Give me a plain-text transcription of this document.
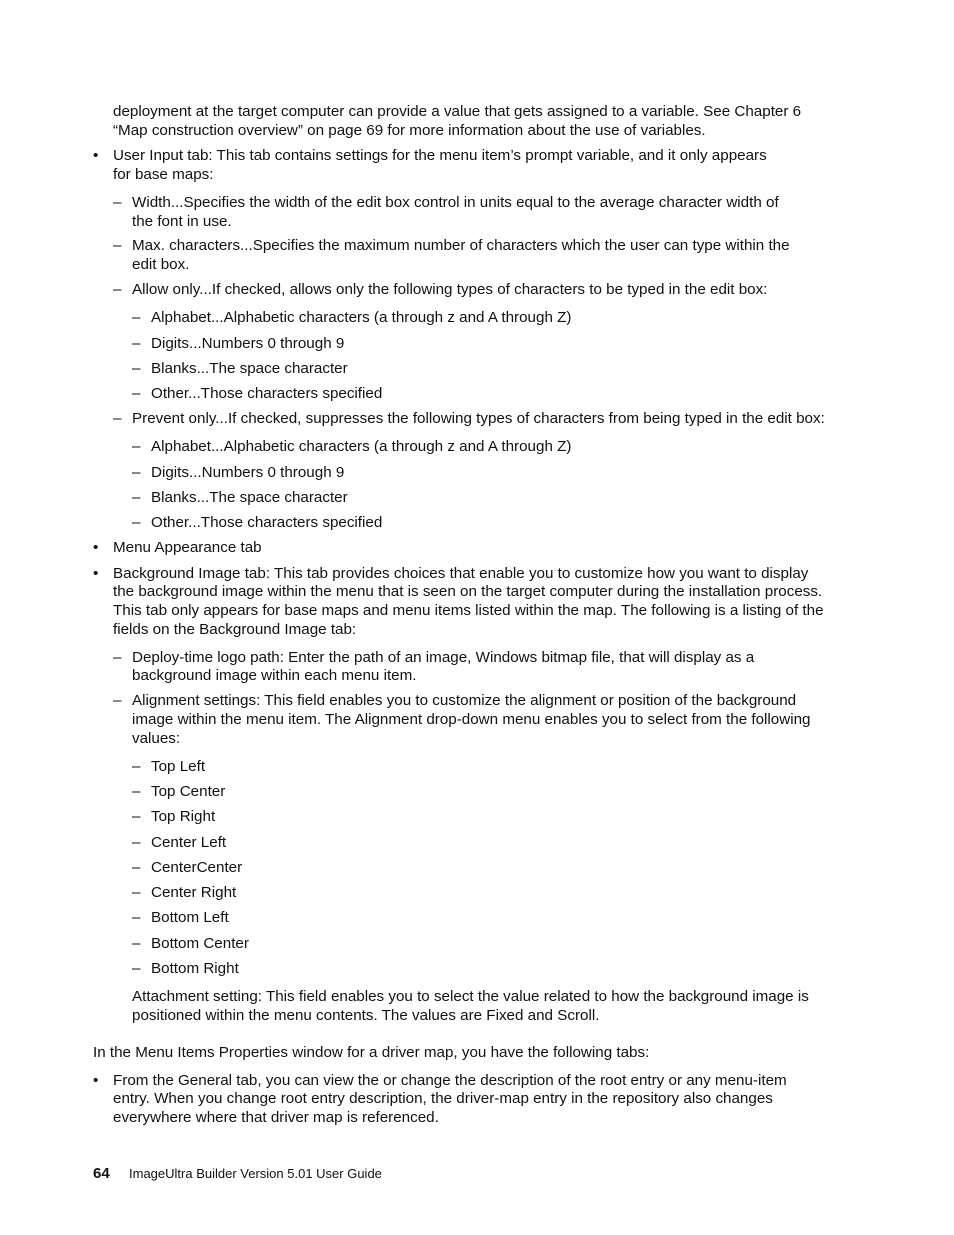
deployment at the target computer can provide a value that gets assigned to a variable. See Chapter 6
“Map construction overview” on page 69 for more information about the use of variables.
• User Input tab: This tab contains settings for the menu item’s prompt variable, and it only appears
for base maps:
– Width...Specifies the width of the edit box control in units equal to the average character width of
the font in use.
– Max. characters...Specifies the maximum number of characters which the user can type within the
edit box.
– Allow only...If checked, allows only the following types of characters to be typed in the edit box:
– Alphabet...Alphabetic characters (a through z and A through Z)
– Digits...Numbers 0 through 9
– Blanks...The space character
– Other...Those characters specified
– Prevent only...If checked, suppresses the following types of characters from being typed in the edit box:
– Alphabet...Alphabetic characters (a through z and A through Z)
– Digits...Numbers 0 through 9
– Blanks...The space character
– Other...Those characters specified
• Menu Appearance tab
• Background Image tab: This tab provides choices that enable you to customize how you want to display
the background image within the menu that is seen on the target computer during the installation process.
This tab only appears for base maps and menu items listed within the map. The following is a listing of the
fields on the Background Image tab:
– Deploy-time logo path: Enter the path of an image, Windows bitmap file, that will display as a
background image within each menu item.
– Alignment settings: This field enables you to customize the alignment or position of the background
image within the menu item. The Alignment drop-down menu enables you to select from the following
values:
– Top Left
– Top Center
– Top Right
– Center Left
– CenterCenter
– Center Right
– Bottom Left
– Bottom Center
– Bottom Right
Attachment setting: This field enables you to select the value related to how the background image is
positioned within the menu contents. The values are Fixed and Scroll.
In the Menu Items Properties window for a driver map, you have the following tabs:
• From the General tab, you can view the or change the description of the root entry or any menu-item
entry. When you change root entry description, the driver-map entry in the repository also changes
everywhere where that driver map is referenced.
64 ImageUltra Builder Version 5.01 User Guide
